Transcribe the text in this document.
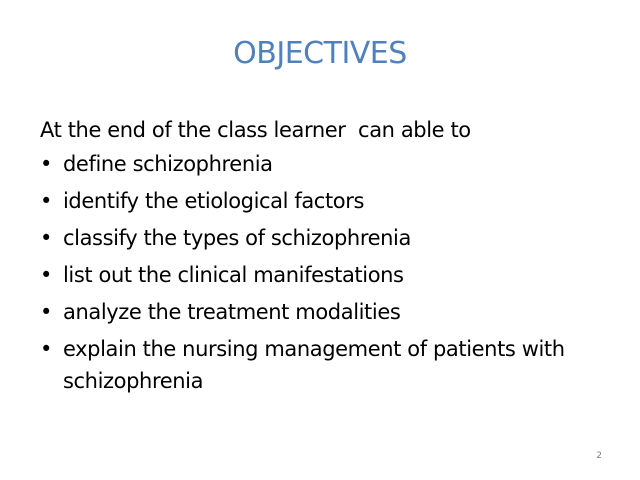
OBJECTIVES
At the end of the class learner  can able to
• define schizophrenia
• identify the etiological factors
• classify the types of schizophrenia
• list out the clinical manifestations
• analyze the treatment modalities
• explain the nursing management of patients with schizophrenia
2
